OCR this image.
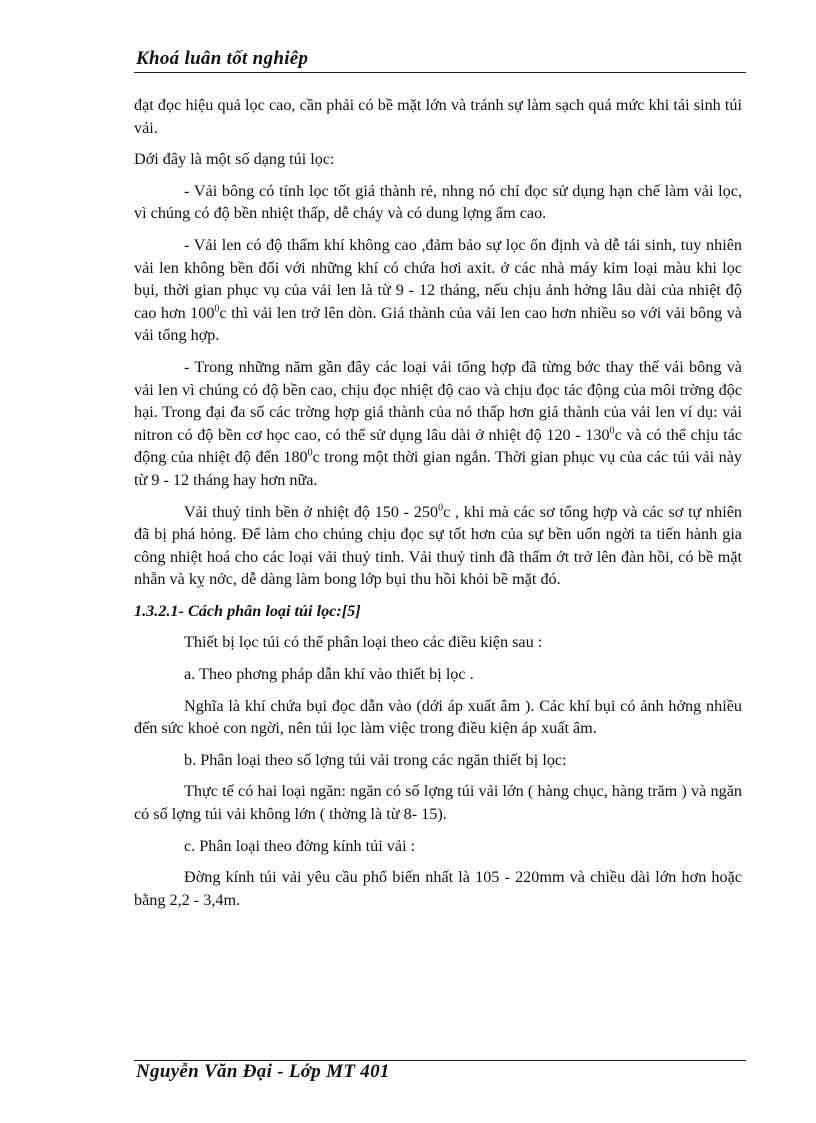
Khoá luân tốt nghiêp

đạt đọc hiệu quả lọc cao, cần phải có bề mặt lớn và tránh sự làm sạch quá mức khi tái sinh túi vải.

Dới đây là một số dạng túi lọc:

- Vải bông có tính lọc tốt giá thành rẻ, nhng nó chỉ đọc sử dụng hạn chế làm vải lọc, vì chúng có độ bền nhiệt thấp, dễ cháy và có dung lợng ẩm cao.

- Vải len có độ thấm khí không cao ,đảm bảo sự lọc ổn định và dễ tái sinh, tuy nhiên vải len không bền đối với những khí có chứa hơi axit. ở các nhà máy kim loại màu khi lọc bụi, thời gian phục vụ của vải len là từ 9 - 12 tháng, nếu chịu ảnh hởng lâu dài của nhiệt độ cao hơn $100^0c$ thì vải len trở lên dòn. Giá thành của vải len cao hơn nhiều so với vải bông và vải tổng hợp.

- Trong những năm gần đây các loại vải tổng hợp đã từng bớc thay thế vải bông và vải len vì chúng có độ bền cao, chịu đọc nhiệt độ cao và chịu đọc tác động của môi trờng độc hại. Trong đại đa số các trờng hợp giá thành của nó thấp hơn giá thành của vải len ví dụ: vải nitron có độ bền cơ học cao, có thể sử dụng lâu dài ở nhiệt độ $120 - 130^0c$ và có thể chịu tác động của nhiệt độ đến $180^0c$ trong một thời gian ngắn. Thời gian phục vụ của các túi vải này từ 9 - 12 tháng hay hơn nữa.

Vải thuỷ tinh bền ở nhiệt độ $150 - 250^0c$ , khi mà các sơ tổng hợp và các sơ tự nhiên đã bị phá hỏng. Để làm cho chúng chịu đọc sự tốt hơn của sự bền uốn ngời ta tiến hành gia công nhiệt hoá cho các loại vải thuỷ tinh. Vải thuỷ tinh đã thấm ớt trở lên đàn hồi, có bề mặt nhẵn và kỵ nớc, dễ dàng làm bong lớp bụi thu hồi khỏi bề mặt đó.

1.3.2.1- Cách phân loại túi lọc:[5]

Thiết bị lọc túi có thể phân loại theo các điều kiện sau :

a. Theo phơng pháp dẫn khí vào thiết bị lọc .

Nghĩa là khí chứa bụi đọc dẫn vào (dới áp xuất âm ). Các khí bụi có ảnh hởng nhiều đến sức khoẻ con ngời, nên túi lọc làm việc trong điều kiện áp xuất âm.

b. Phân loại theo số lợng túi vải trong các ngăn thiết bị lọc:

Thực tế có hai loại ngăn: ngăn có số lợng túi vải lớn ( hàng chục, hàng trăm ) và ngăn có số lợng túi vải không lớn ( thờng là từ 8- 15).

c. Phân loại theo đờng kính túi vải :

Đờng kính túi vải yêu cầu phổ biến nhất là 105 - 220mm và chiều dài lớn hơn hoặc bằng 2,2 - 3,4m.

Nguyễn Văn Đại - Lớp MT 401
